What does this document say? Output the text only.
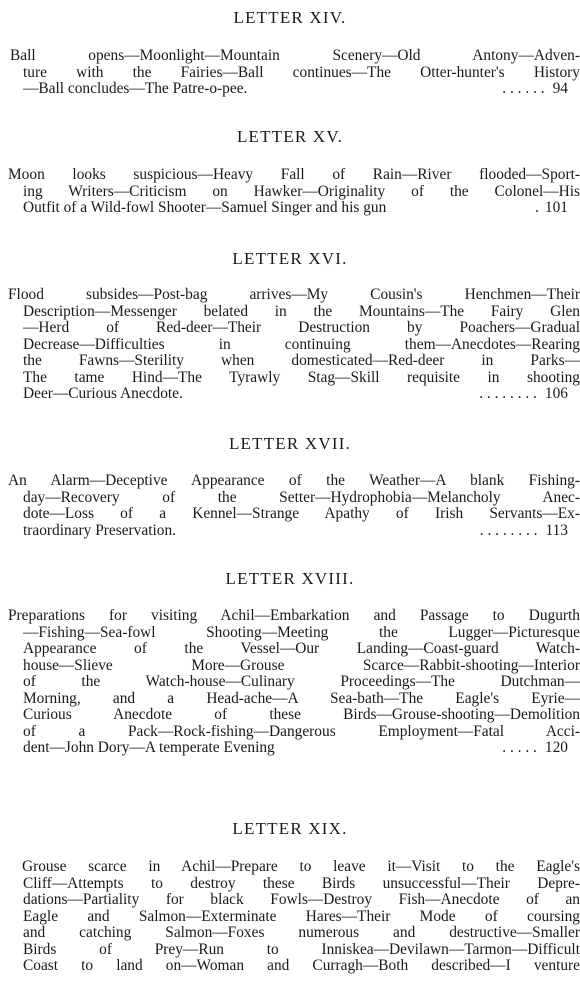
LETTER XIV.
Ball opens—Moonlight—Mountain Scenery—Old Antony—Adven-
ture with the Fairies—Ball continues—The Otter-hunter's History
—Ball concludes—The Patre-o-pee.	. . . . . . 94
LETTER XV.
Moon looks suspicious—Heavy Fall of Rain—River flooded—Sport-
ing Writers—Criticism on Hawker—Originality of the Colonel—His
Outfit of a Wild-fowl Shooter—Samuel Singer and his gun	. 101
LETTER XVI.
Flood subsides—Post-bag arrives—My Cousin's Henchmen—Their
Description—Messenger belated in the Mountains—The Fairy Glen
—Herd of Red-deer—Their Destruction by Poachers—Gradual
Decrease—Difficulties in continuing them—Anecdotes—Rearing
the Fawns—Sterility when domesticated—Red-deer in Parks—
The tame Hind—The Tyrawly Stag—Skill requisite in shooting
Deer—Curious Anecdote.	. . . . . . . . 106
LETTER XVII.
An Alarm—Deceptive Appearance of the Weather—A blank Fishing-
day—Recovery of the Setter—Hydrophobia—Melancholy Anec-
dote—Loss of a Kennel—Strange Apathy of Irish Servants—Ex-
traordinary Preservation.	. . . . . . . . 113
LETTER XVIII.
Preparations for visiting Achil—Embarkation and Passage to Dugurth
—Fishing—Sea-fowl Shooting—Meeting the Lugger—Picturesque
Appearance of the Vessel—Our Landing—Coast-guard Watch-
house—Slieve More—Grouse Scarce—Rabbit-shooting—Interior
of the Watch-house—Culinary Proceedings—The Dutchman—
Morning, and a Head-ache—A Sea-bath—The Eagle's Eyrie—
Curious Anecdote of these Birds—Grouse-shooting—Demolition
of a Pack—Rock-fishing—Dangerous Employment—Fatal Acci-
dent—John Dory—A temperate Evening	. . . . . 120
LETTER XIX.
Grouse scarce in Achil—Prepare to leave it—Visit to the Eagle's
Cliff—Attempts to destroy these Birds unsuccessful—Their Depre-
dations—Partiality for black Fowls—Destroy Fish—Anecdote of an
Eagle and Salmon—Exterminate Hares—Their Mode of coursing
and catching Salmon—Foxes numerous and destructive—Smaller
Birds of Prey—Run to Inniskea—Devilawn—Tarmon—Difficult
Coast to land on—Woman and Curragh—Both described—I venture
